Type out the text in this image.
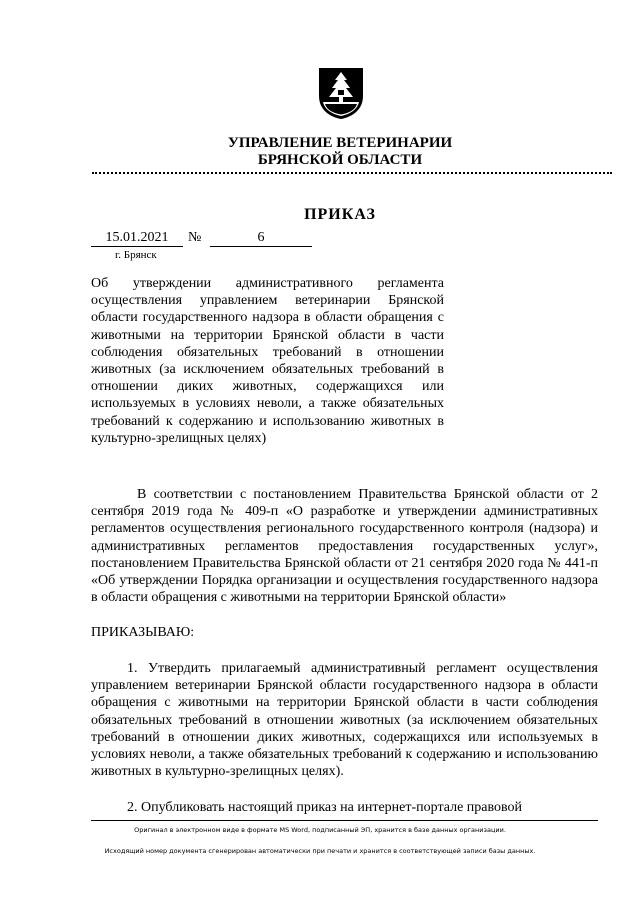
УПРАВЛЕНИЕ ВЕТЕРИНАРИИ
БРЯНСКОЙ ОБЛАСТИ
ПРИКАЗ
15.01.2021	№	6
г. Брянск
Об утверждении административного регламента осуществления управлением ветеринарии Брянской области государственного надзора в области обращения с животными на территории Брянской области в части соблюдения обязательных требований в отношении животных (за исключением обязательных требований в отношении диких животных, содержащихся или используемых в условиях неволи, а также обязательных требований к содержанию и использованию животных в культурно-зрелищных целях)
В соответствии с постановлением Правительства Брянской области от 2 сентября 2019 года № 409-п «О разработке и утверждении административных регламентов осуществления регионального государственного контроля (надзора) и административных регламентов предоставления государственных услуг», постановлением Правительства Брянской области от 21 сентября 2020 года № 441-п «Об утверждении Порядка организации и осуществления государственного надзора в области обращения с животными на территории Брянской области»
ПРИКАЗЫВАЮ:
1. Утвердить прилагаемый административный регламент осуществления управлением ветеринарии Брянской области государственного надзора в области обращения с животными на территории Брянской области в части соблюдения обязательных требований в отношении животных (за исключением обязательных требований в отношении диких животных, содержащихся или используемых в условиях неволи, а также обязательных требований к содержанию и использованию животных в культурно-зрелищных целях).
2. Опубликовать настоящий приказ на интернет-портале правовой
Оригинал в электронном виде в формате MS Word, подписанный ЭП, хранится в базе данных организации.
Исходящий номер документа сгенерирован автоматически при печати и хранится в соответствующей записи базы данных.
